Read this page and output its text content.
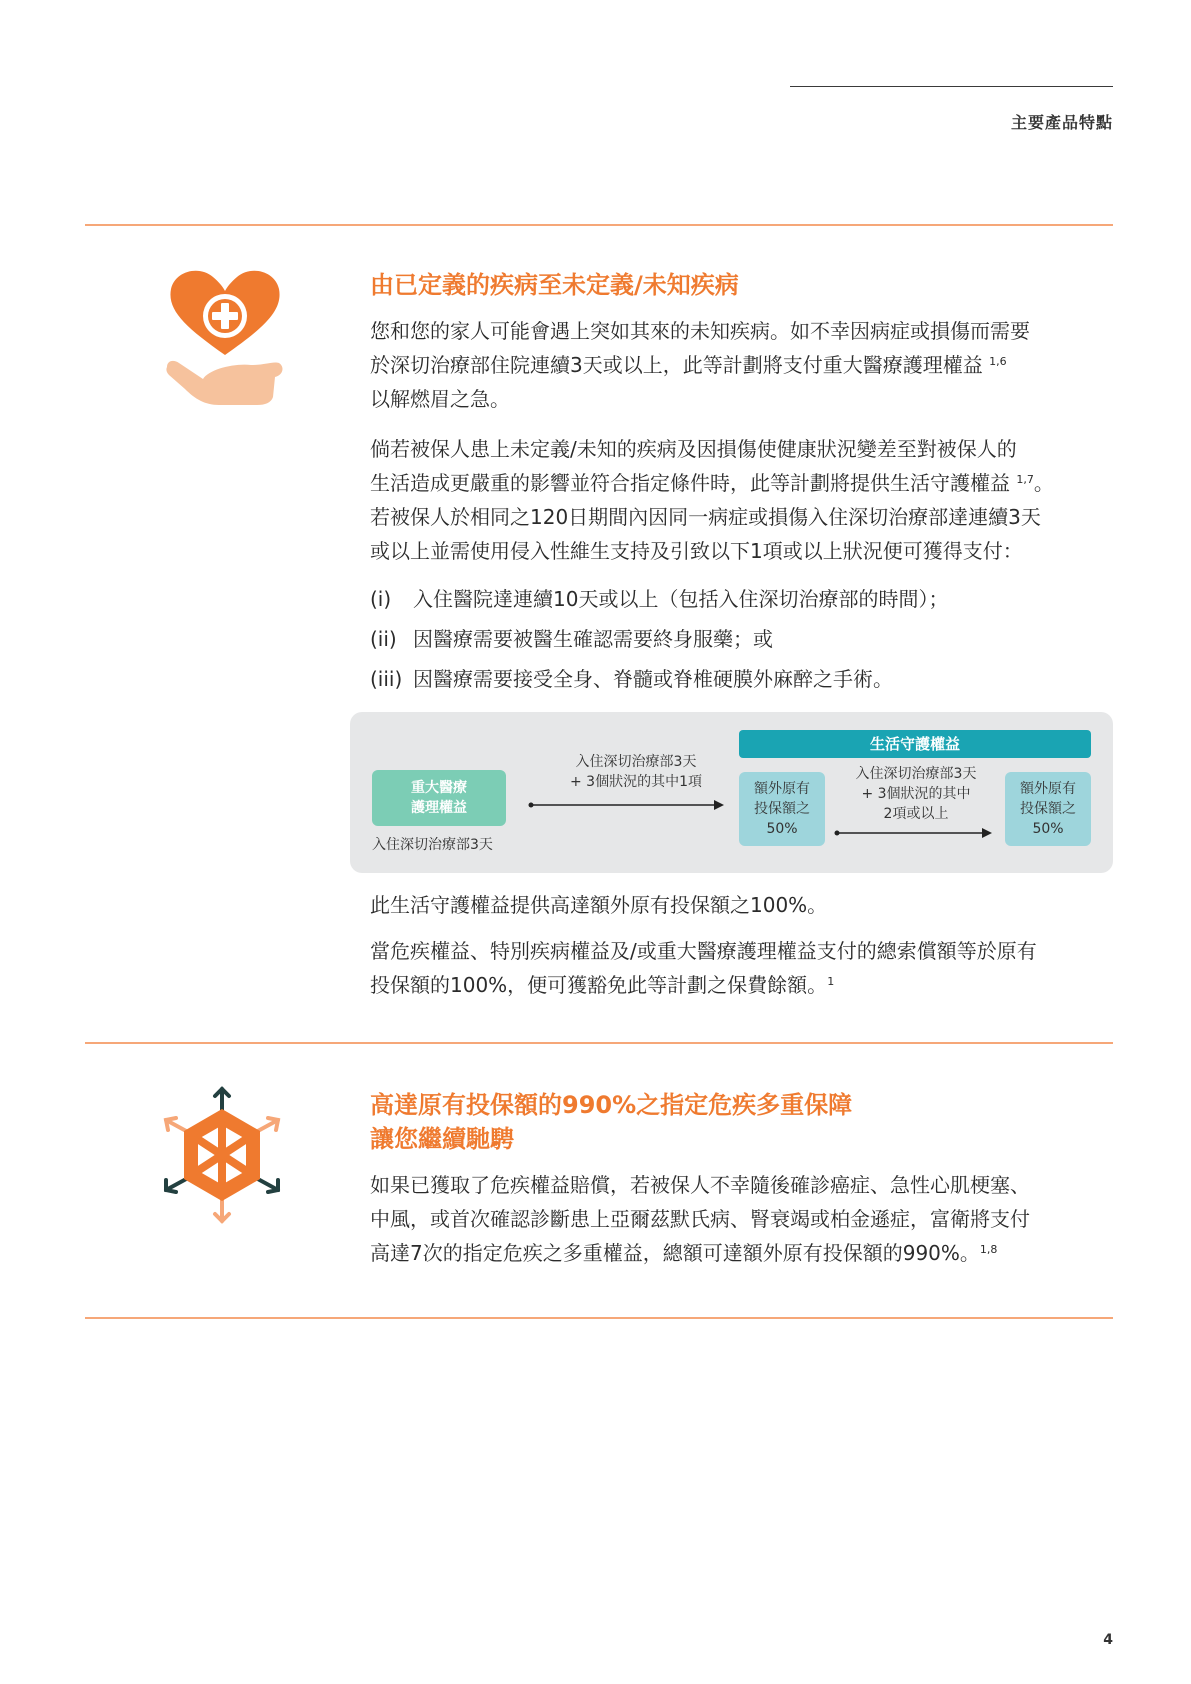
主要產品特點
由已定義的疾病至未定義/未知疾病

您和您的家人可能會遇上突如其來的未知疾病。如不幸因病症或損傷而需要

於深切治療部住院連續3天或以上，此等計劃將支付重大醫療護理權益 $^{1,6}$

以解燃眉之急。

倘若被保人患上未定義/未知的疾病及因損傷使健康狀況變差至對被保人的

生活造成更嚴重的影響並符合指定條件時，此等計劃將提供生活守護權益 $^{1,7}$。

若被保人於相同之120日期間內因同一病症或損傷入住深切治療部達連續3天

或以上並需使用侵入性維生支持及引致以下1項或以上狀況便可獲得支付：

(i) 入住醫院達連續10天或以上（包括入住深切治療部的時間）；
(ii) 因醫療需要被醫生確認需要終身服藥；或
(iii) 因醫療需要接受全身、脊髓或脊椎硬膜外麻醉之手術。
重大醫療
護理權益
入住深切治療部3天
入住深切治療部3天
+ 3個狀況的其中1項
生活守護權益
額外原有
投保額之
50%
入住深切治療部3天
+ 3個狀況的其中
2項或以上
額外原有
投保額之
50%

此生活守護權益提供高達額外原有投保額之100%。

當危疾權益、特別疾病權益及/或重大醫療護理權益支付的總索償額等於原有

投保額的100%，便可獲豁免此等計劃之保費餘額。$^1$

高達原有投保額的990%之指定危疾多重保障
讓您繼續馳騁

如果已獲取了危疾權益賠償，若被保人不幸隨後確診癌症、急性心肌梗塞、

中風，或首次確認診斷患上亞爾茲默氏病、腎衰竭或柏金遜症，富衛將支付

高達7次的指定危疾之多重權益，總額可達額外原有投保額的990%。$^{1,8}$

4
